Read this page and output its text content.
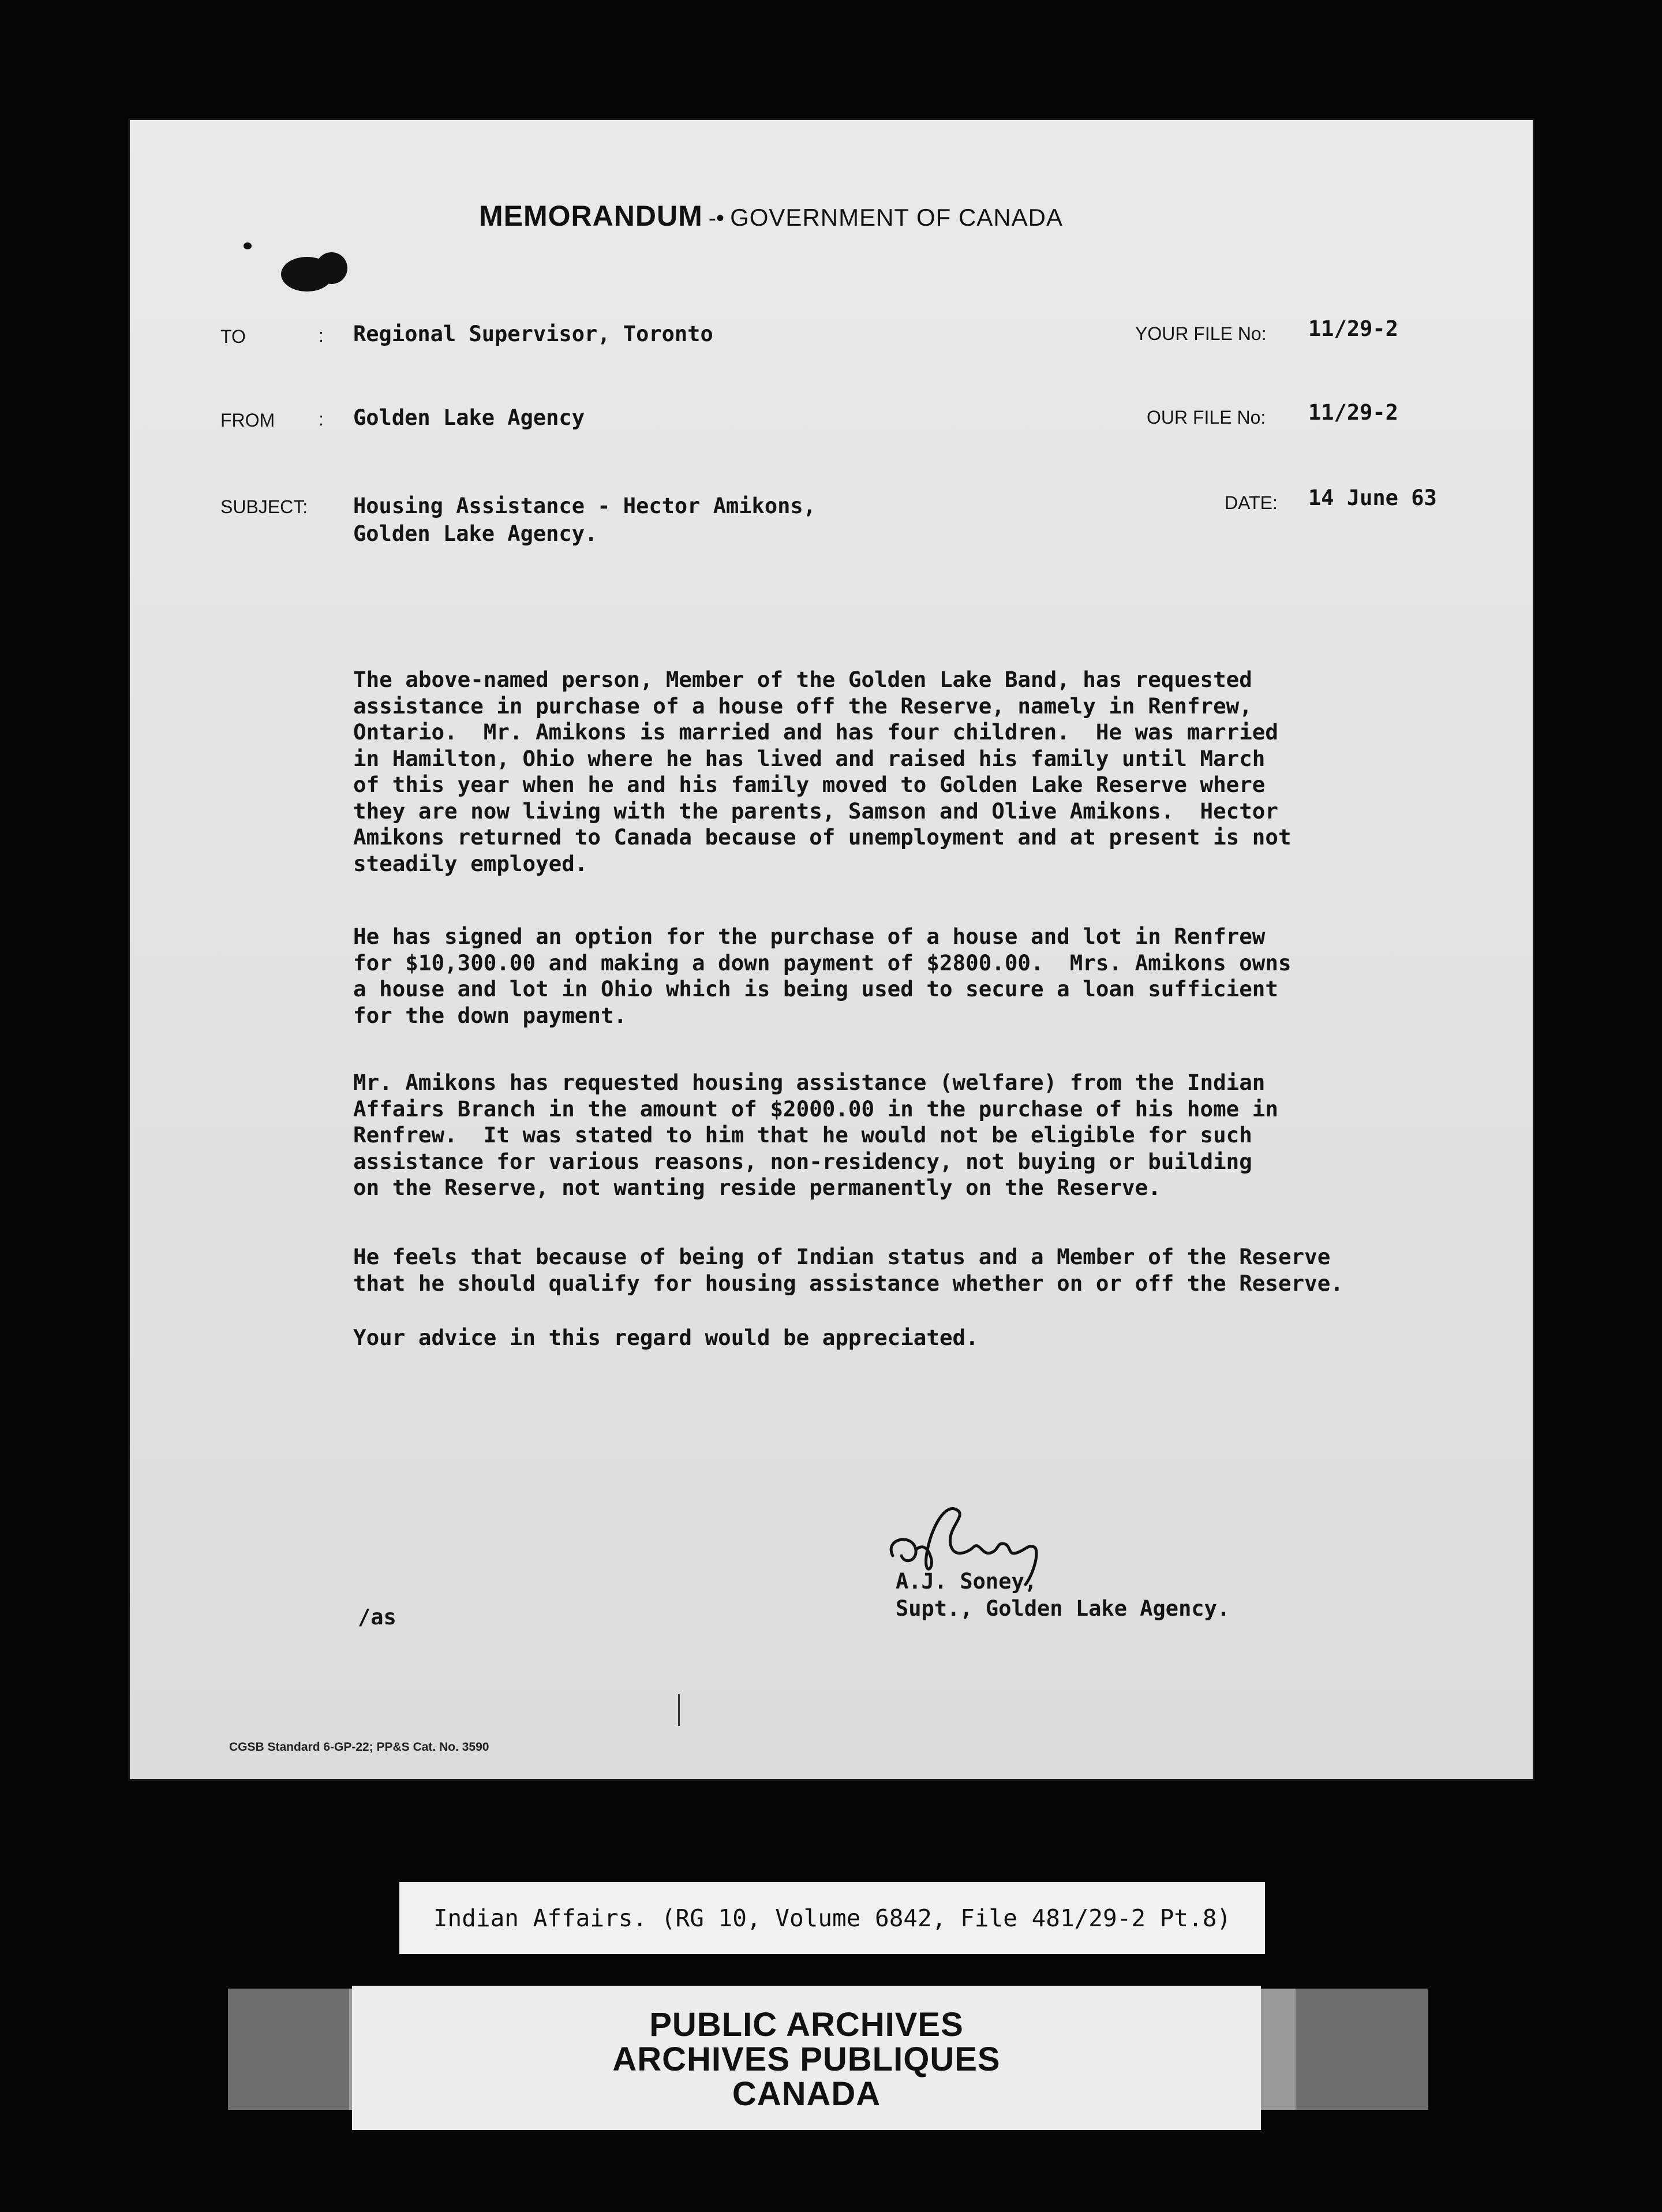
MEMORANDUM -• GOVERNMENT OF CANADA
TO	: Regional Supervisor, Toronto
FROM : Golden Lake Agency
SUBJECT: Housing Assistance - Hector Amikons,
Golden Lake Agency.
YOUR FILE No: 11/29-2
OUR FILE No: 11/29-2
DATE: 14 June 63
The above-named person, Member of the Golden Lake Band, has requested
assistance in purchase of a house off the Reserve, namely in Renfrew,
Ontario.  Mr. Amikons is married and has four children.  He was married
in Hamilton, Ohio where he has lived and raised his family until March
of this year when he and his family moved to Golden Lake Reserve where
they are now living with the parents, Samson and Olive Amikons.  Hector
Amikons returned to Canada because of unemployment and at present is not
steadily employed.
He has signed an option for the purchase of a house and lot in Renfrew
for $10,300.00 and making a down payment of $2800.00.  Mrs. Amikons owns
a house and lot in Ohio which is being used to secure a loan sufficient
for the down payment.
Mr. Amikons has requested housing assistance (welfare) from the Indian
Affairs Branch in the amount of $2000.00 in the purchase of his home in
Renfrew.  It was stated to him that he would not be eligible for such
assistance for various reasons, non-residency, not buying or building
on the Reserve, not wanting reside permanently on the Reserve.
He feels that because of being of Indian status and a Member of the Reserve
that he should qualify for housing assistance whether on or off the Reserve.
Your advice in this regard would be appreciated.
A.J. Soney,
Supt., Golden Lake Agency.
/as
CGSB Standard 6-GP-22; PP&S Cat. No. 3590
Indian Affairs. (RG 10, Volume 6842, File 481/29-2 Pt.8)
PUBLIC ARCHIVES
ARCHIVES PUBLIQUES
CANADA
